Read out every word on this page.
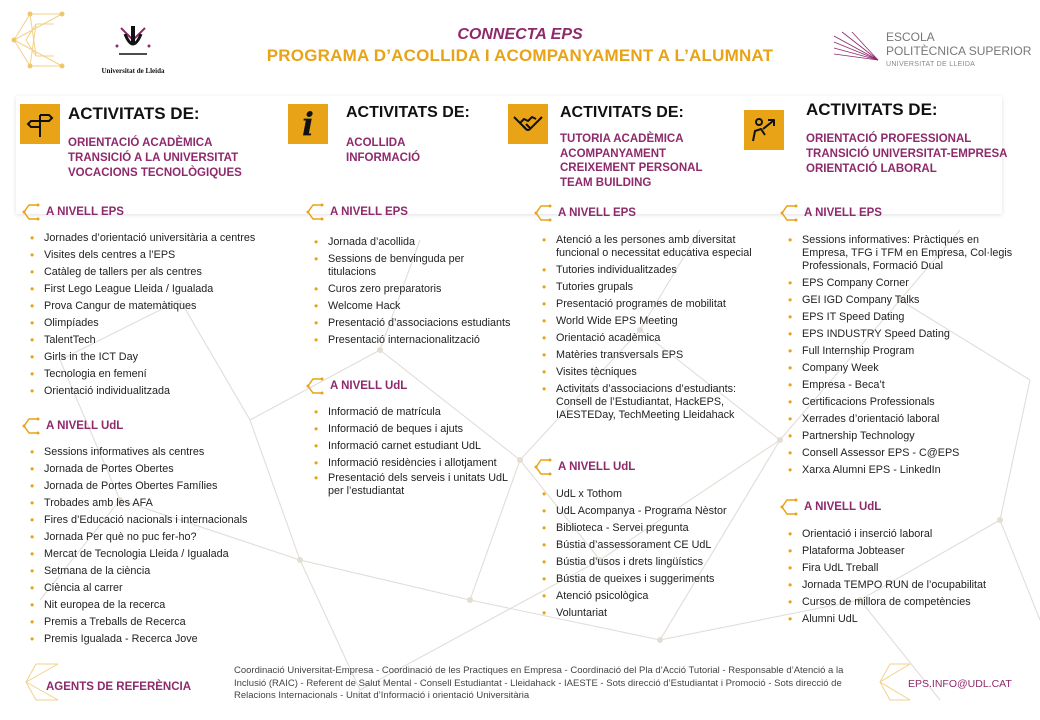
CONNECTA EPS
PROGRAMA D’ACOLLIDA I ACOMPANYAMENT A L’ALUMNAT
Universitat de Lleida
ESCOLA
POLITÈCNICA SUPERIOR
UNIVERSITAT DE LLEIDA
ACTIVITATS DE:
ORIENTACIÓ ACADÈMICA
TRANSICIÓ A LA UNIVERSITAT
VOCACIONS TECNOLÒGIQUES
A NIVELL EPS
• Jornades d’orientació universitària a centres
• Visites dels centres a l’EPS
• Catàleg de tallers per als centres
• First Lego League Lleida / Igualada
• Prova Cangur de matemàtiques
• Olimpíades
• TalentTech
• Girls in the ICT Day
• Tecnologia en femení
• Orientació individualitzada
A NIVELL UdL
• Sessions informatives als centres
• Jornada de Portes Obertes
• Jornada de Portes Obertes Famílies
• Trobades amb les AFA
• Fires d’Educació nacionals i internacionals
• Jornada Per què no puc fer-ho?
• Mercat de Tecnologia Lleida / Igualada
• Setmana de la ciència
• Ciència al carrer
• Nit europea de la recerca
• Premis a Treballs de Recerca
• Premis Igualada - Recerca Jove
i ACTIVITATS DE:
ACOLLIDA
INFORMACIÓ
A NIVELL EPS
• Jornada d’acollida
• Sessions de benvinguda per titulacions
• Curos zero preparatoris
• Welcome Hack
• Presentació d’associacions estudiants
• Presentació internacionalització
A NIVELL UdL
• Informació de matrícula
• Informació de beques i ajuts
• Informació carnet estudiant UdL
• Informació residències i allotjament
• Presentació dels serveis i unitats UdL per l’estudiantat
ACTIVITATS DE:
TUTORIA ACADÈMICA
ACOMPANYAMENT
CREIXEMENT PERSONAL
TEAM BUILDING
A NIVELL EPS
• Atenció a les persones amb diversitat funcional o necessitat educativa especial
• Tutories individualitzades
• Tutories grupals
• Presentació programes de mobilitat
• World Wide EPS Meeting
• Orientació acadèmica
• Matèries transversals EPS
• Visites tècniques
• Activitats d’associacions d’estudiants: Consell de l’Estudiantat, HackEPS, IAESTEDay, TechMeeting Lleidahack
A NIVELL UdL
• UdL x Tothom
• UdL Acompanya - Programa Nèstor
• Biblioteca - Servei pregunta
• Bústia d’assessorament CE UdL
• Bústia d’usos i drets lingüístics
• Bústia de queixes i suggeriments
• Atenció psicològica
• Voluntariat
ACTIVITATS DE:
ORIENTACIÓ PROFESSIONAL
TRANSICIÓ UNIVERSITAT-EMPRESA
ORIENTACIÓ LABORAL
A NIVELL EPS
• Sessions informatives: Pràctiques en Empresa, TFG i TFM en Empresa, Col·legis Professionals, Formació Dual
• EPS Company Corner
• GEI IGD Company Talks
• EPS IT Speed Dating
• EPS INDUSTRY Speed Dating
• Full Internship Program
• Company Week
• Empresa - Beca’t
• Certificacions Professionals
• Xerrades d’orientació laboral
• Partnership Technology
• Consell Assessor EPS - C@EPS
• Xarxa Alumni EPS - LinkedIn
A NIVELL UdL
• Orientació i inserció laboral
• Plataforma Jobteaser
• Fira UdL Treball
• Jornada TEMPO RUN de l’ocupabilitat
• Cursos de millora de competències
• Alumni UdL
AGENTS DE REFERÈNCIA
Coordinació Universitat-Empresa - Coordinació de les Practiques en Empresa - Coordinació del Pla d’Acció Tutorial - Responsable d’Atenció a la Inclusió (RAIC) - Referent de Salut Mental - Consell Estudiantat - Lleidahack - IAESTE - Sots direcció d’Estudiantat i Promoció - Sots direcció de Relacions Internacionals - Unitat d’Informació i orientació Universitària
EPS.INFO@UDL.CAT
